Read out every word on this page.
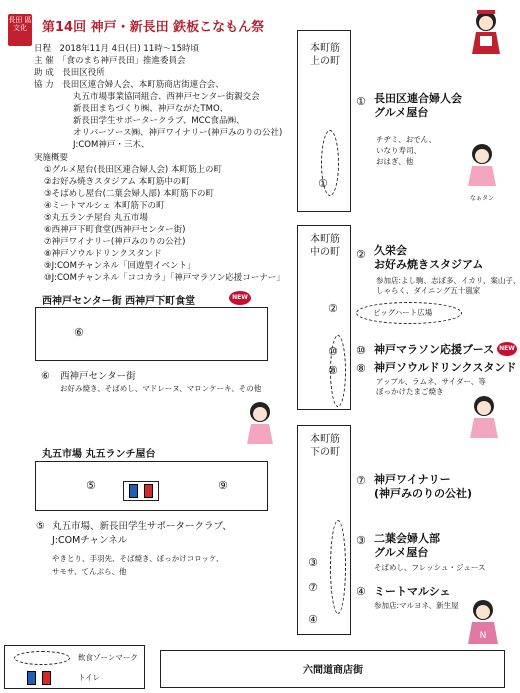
長田 區 文化	第14回 神戸・新長田 鉄板こなもん祭
日程　 2018年11月 4日(日) 11時〜15時頃
主 催　 「食のまち神戸長田」推進委員会
助 成　 長田区役所
協 力　 長田区連合婦人会、本町筋商店街連合会、
丸五市場事業協同組合、西神戸センター街親交会
新長田まちづくり㈱、神戸ながたTMO、
新長田学生サポータークラブ、MCC食品㈱、
オリバーソース㈱、神戸ワイナリー(神戸みのりの公社)
J:COM神戸・三木、
実施概要
①グルメ屋台(長田区連合婦人会) 本町筋上の町
②お好み焼きスタジアム 本町筋中の町
③そばめし屋台(二葉会婦人部) 本町筋下の町
④ミートマルシェ 本町筋下の町
⑤丸五ランチ屋台 丸五市場
⑥西神戸下町食堂(西神戸センター街)
⑦神戸ワイナリー(神戸みのりの公社)
⑧神戸ソウルドリンクスタンド
⑨J:COMチャンネル「回遊型イベント」
⑩J:COMチャンネル「ココカラ」「神戸マラソン応援コーナー」
西神戸センター街 西神戸下町食堂	NEW
⑥
⑥ 西神戸センター街
お好み焼き、そばめし、マドレーヌ、マロンケーキ、その他
丸五市場 丸五ランチ屋台
⑤	⑨
⑤ 丸五市場、新長田学生サポータークラブ、
J:COMチャンネル
やきとり、手羽先、そば焼き、ぼっかけコロッケ、
サモサ、てんぷら、他
飲食ゾーンマーク
トイレ
六間道商店街
本町筋
上の町
①
① 長田区連合婦人会
グルメ屋台
チヂミ、おでん、
いなり寿司、
おはぎ、他
なぁタン
本町筋
中の町
②
⑩
⑧
② 久栄会
お好み焼きスタジアム
参加店:よし駒、志ぼ多、イカリ、案山子、
しゃらく、ダイニング五十嵐家
ビッグハート広場
⑩ 神戸マラソン応援ブース NEW
⑧ 神戸ソウルドリンクスタンド
アップル、ラムネ、サイダー、等
ぼっかけたまご焼き
本町筋
下の町
③
⑦
④
⑦ 神戸ワイナリー
(神戸みのりの公社)
③ 二葉会婦人部
グルメ屋台
そばめし、フレッシュ・ジュース
④ ミートマルシェ
参加店:マルヨネ、新生屋
N
